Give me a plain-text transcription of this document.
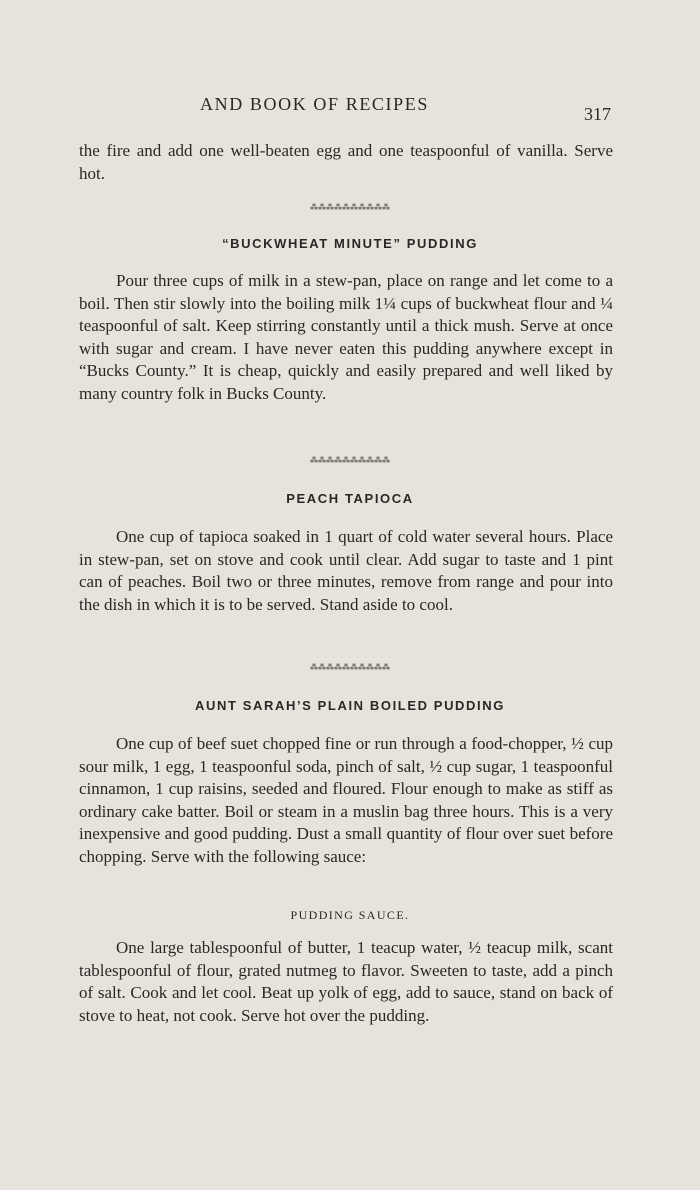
AND BOOK OF RECIPES	317

the fire and add one well-beaten egg and one teaspoonful of vanilla. Serve hot.

⁂⁂⁂⁂⁂⁂⁂⁂⁂⁂
“BUCKWHEAT MINUTE” PUDDING

Pour three cups of milk in a stew-pan, place on range and let come to a boil. Then stir slowly into the boiling milk 1¼ cups of buckwheat flour and ¼ teaspoonful of salt. Keep stirring constantly until a thick mush. Serve at once with sugar and cream. I have never eaten this pudding anywhere except in “Bucks County.” It is cheap, quickly and easily prepared and well liked by many country folk in Bucks County.

⁂⁂⁂⁂⁂⁂⁂⁂⁂⁂
PEACH TAPIOCA

One cup of tapioca soaked in 1 quart of cold water several hours. Place in stew-pan, set on stove and cook until clear. Add sugar to taste and 1 pint can of peaches. Boil two or three minutes, remove from range and pour into the dish in which it is to be served. Stand aside to cool.

⁂⁂⁂⁂⁂⁂⁂⁂⁂⁂
AUNT SARAH’S PLAIN BOILED PUDDING

One cup of beef suet chopped fine or run through a food-chopper, ½ cup sour milk, 1 egg, 1 teaspoonful soda, pinch of salt, ½ cup sugar, 1 teaspoonful cinnamon, 1 cup raisins, seeded and floured. Flour enough to make as stiff as ordinary cake batter. Boil or steam in a muslin bag three hours. This is a very inexpensive and good pudding. Dust a small quantity of flour over suet before chopping. Serve with the following sauce:

PUDDING SAUCE.

One large tablespoonful of butter, 1 teacup water, ½ teacup milk, scant tablespoonful of flour, grated nutmeg to flavor. Sweeten to taste, add a pinch of salt. Cook and let cool. Beat up yolk of egg, add to sauce, stand on back of stove to heat, not cook. Serve hot over the pudding.
